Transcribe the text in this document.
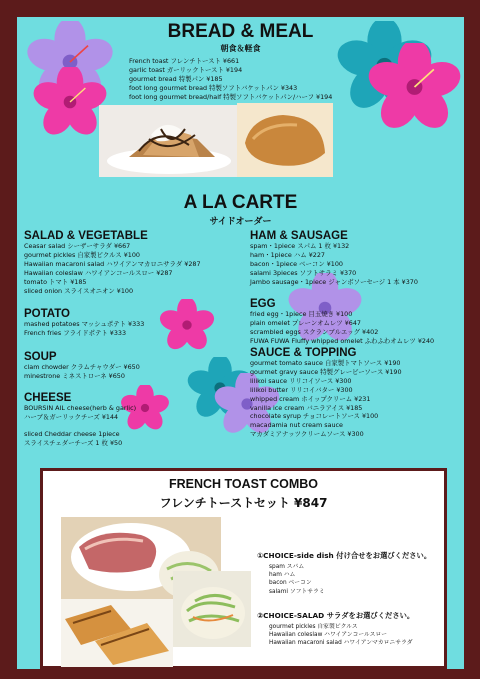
BREAD & MEAL
朝食＆軽食
French toast フレンチトースト ¥661
garlic toast ガーリックトースト ¥194
gourmet bread 特製パン ¥185
foot long gourmet bread 特製ソフトバケットパン ¥343
foot long gourmet bread/half 特製ソフトバケットパン/ハーフ ¥194
A LA CARTE
サイドオーダー
SALAD & VEGETABLE
Ceasar salad シーザーサラダ ¥667
gourmet pickles 自家製ピクルス ¥100
Hawaiian macaroni salad ハワイアンマカロニサラダ ¥287
Hawaiian coleslaw ハワイアンコールスロー ¥287
tomato トマト ¥185
sliced onion スライスオニオン ¥100
POTATO
mashed potatoes マッシュポテト ¥333
French fries フライドポテト ¥333
SOUP
clam chowder クラムチャウダー ¥650
minestrone ミネストローネ ¥650
CHEESE
BOURSIN AIL cheese(herb & garlic)
ハーブ＆ガーリックチーズ ¥144
sliced Cheddar cheese 1piece
スライスチェダーチーズ 1 枚 ¥50
HAM & SAUSAGE
spam・1piece スパム 1 枚 ¥132
ham・1piece ハム ¥227
bacon・1piece ベーコン ¥100
salami 3pieces ソフトサラミ ¥370
Jambo sausage・1piece ジャンボソーセージ 1 本 ¥370
EGG
fried egg・1piece 目玉焼き ¥100
plain omelet プレーンオムレツ ¥647
scrambled eggs スクランブルエッグ ¥402
FUWA FUWA Fluffy whipped omelet ふわふわオムレツ ¥240
SAUCE & TOPPING
gourmet tomato sauce 自家製トマトソース ¥190
gourmet gravy sauce 特製グレービーソース ¥190
lilikoi sauce リリコイソース ¥300
lilikoi butter リリコイバター ¥300
whipped cream ホイップクリーム ¥231
vanilla ice cream バニラアイス ¥185
chocolate syrup チョコレートソース ¥100
macadamia nut cream sauce
マカダミアナッツクリームソース ¥300
FRENCH TOAST COMBO
フレンチトーストセット ¥847
①CHOICE-side dish 付け合せをお選びください。
spam スパム
ham ハム
bacon ベーコン
salami ソフトサラミ
②CHOICE-SALAD サラダをお選びください。
gourmet pickles 自家製ピクルス
Hawaiian coleslaw ハワイアンコールスロー
Hawaiian macaroni salad ハワイアンマカロニサラダ
